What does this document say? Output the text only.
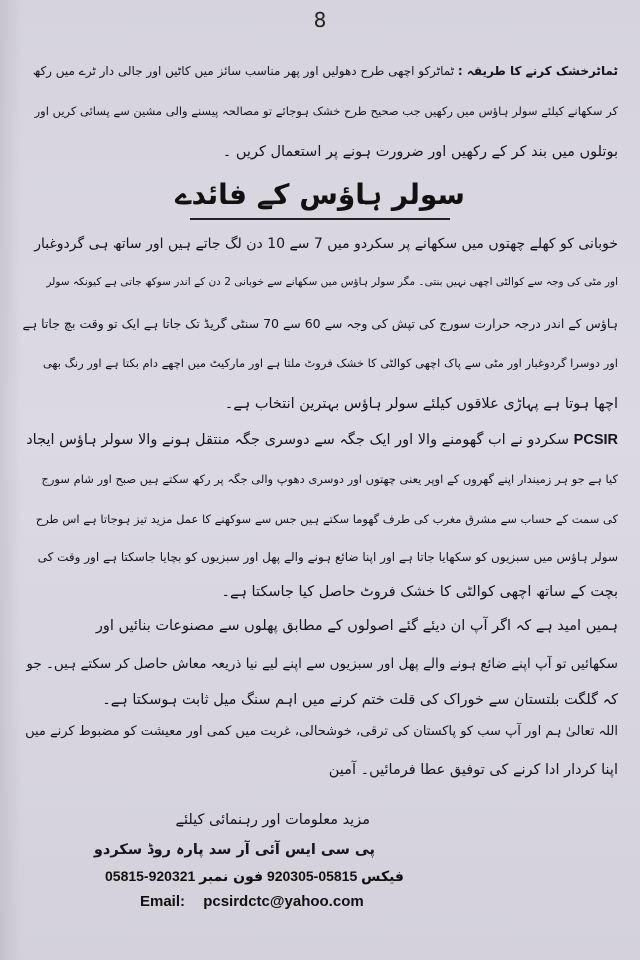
8
ٹماٹرخشک کرنے کا طریقہ : ٹماٹرکو اچھی طرح دھولیں اور پھر مناسب سائز میں کاٹیں اور جالی دار ٹرے میں رکھ
کر سکھانے کیلئے سولر ہاؤس میں رکھیں جب صحیح طرح خشک ہوجائے تو مصالحہ پیسنے والی مشین سے پسائی کریں اور
بوتلوں میں بند کر کے رکھیں اور ضرورت ہونے پر استعمال کریں ۔
سولر ہاؤس کے فائدے
خوبانی کو کھلے چھتوں میں سکھانے پر سکردو میں 7 سے 10 دن لگ جاتے ہیں اور ساتھ ہی گردوغبار
اور مٹی کی وجہ سے کوالٹی اچھی نہیں بنتی۔ مگر سولر ہاؤس میں سکھانے سے خوبانی 2 دن کے اندر سوکھ جاتی ہے کیونکہ سولر
ہاؤس کے اندر درجہ حرارت سورج کی تپش کی وجہ سے 60 سے 70 سنٹی گریڈ تک جاتا ہے ایک تو وقت بچ جاتا ہے
اور دوسرا گردوغبار اور مٹی سے پاک اچھی کوالٹی کا خشک فروٹ ملتا ہے اور مارکیٹ میں اچھے دام بکتا ہے اور رنگ بھی
اچھا ہوتا ہے پہاڑی علاقوں کیلئے سولر ہاؤس بہترین انتخاب ہے۔
PCSIR سکردو نے اب گھومنے والا اور ایک جگہ سے دوسری جگہ منتقل ہونے والا سولر ہاؤس ایجاد
کیا ہے جو ہر زمیندار اپنے گھروں کے اوپر یعنی چھتوں اور دوسری دھوپ والی جگہ پر رکھ سکتے ہیں صبح اور شام سورج
کی سمت کے حساب سے مشرق مغرب کی طرف گھوما سکتے ہیں جس سے سوکھنے کا عمل مزید تیز ہوجاتا ہے اس طرح
سولر ہاؤس میں سبزیوں کو سکھایا جاتا ہے اور اپنا ضائع ہونے والے پھل اور سبزیوں کو بچایا جاسکتا ہے اور وقت کی
بچت کے ساتھ اچھی کوالٹی کا خشک فروٹ حاصل کیا جاسکتا ہے۔
ہمیں امید ہے کہ اگر آپ ان دیئے گئے اصولوں کے مطابق پھلوں سے مصنوعات بنائیں اور
سکھائیں تو آپ اپنے ضائع ہونے والے پھل اور سبزیوں سے اپنے لیے نیا ذریعہ معاش حاصل کر سکتے ہیں۔ جو
کہ گلگت بلتستان سے خوراک کی قلت ختم کرنے میں اہم سنگ میل ثابت ہوسکتا ہے۔
اللہ تعالیٰ ہم اور آپ سب کو پاکستان کی ترقی، خوشحالی، غربت میں کمی اور معیشت کو مضبوط کرنے میں
اپنا کردار ادا کرنے کی توفیق عطا فرمائیں۔ آمین
مزید معلومات اور رہنمائی کیلئے
پی سی ایس آئی آر سد پارہ روڈ سکردو
05815-920321	فیکس 05815-920305 فون نمبر
Email: pcsirdctc@yahoo.com
